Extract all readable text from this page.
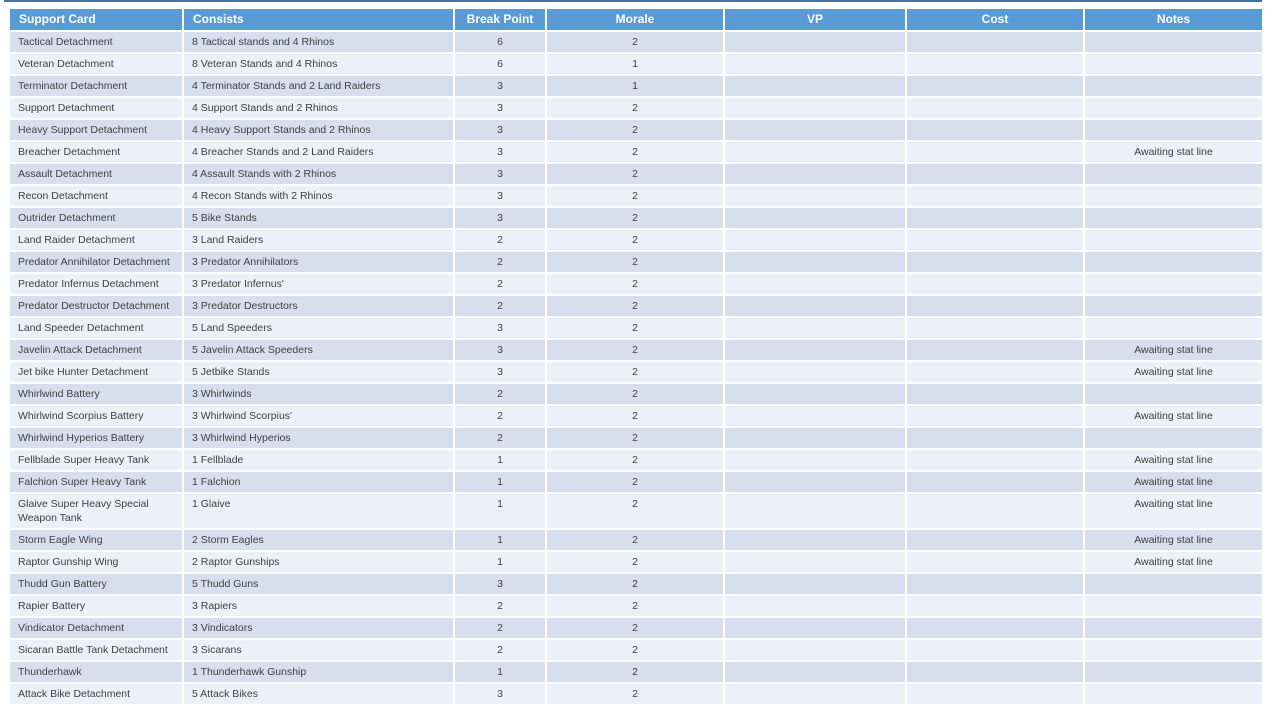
Support Card	Consists	Break Point	Morale	VP	Cost	Notes
Tactical Detachment	8 Tactical stands and 4 Rhinos	6	2			
Veteran Detachment	8 Veteran Stands and 4 Rhinos	6	1			
Terminator Detachment	4 Terminator Stands and 2 Land Raiders	3	1			
Support Detachment	4 Support Stands and 2 Rhinos	3	2			
Heavy Support Detachment	4 Heavy Support Stands and 2 Rhinos	3	2			
Breacher Detachment	4 Breacher Stands and 2 Land Raiders	3	2			Awaiting stat line
Assault Detachment	4 Assault Stands with 2 Rhinos	3	2			
Recon Detachment	4 Recon Stands with 2 Rhinos	3	2			
Outrider Detachment	5 Bike Stands	3	2			
Land Raider Detachment	3 Land Raiders	2	2			
Predator Annihilator Detachment	3 Predator Annihilators	2	2			
Predator Infernus Detachment	3 Predator Infernus'	2	2			
Predator Destructor Detachment	3 Predator Destructors	2	2			
Land Speeder Detachment	5 Land Speeders	3	2			
Javelin Attack Detachment	5 Javelin Attack Speeders	3	2			Awaiting stat line
Jet bike Hunter Detachment	5 Jetbike Stands	3	2			Awaiting stat line
Whirlwind Battery	3 Whirlwinds	2	2			
Whirlwind Scorpius Battery	3 Whirlwind Scorpius'	2	2			Awaiting stat line
Whirlwind Hyperios Battery	3 Whirlwind Hyperios	2	2			
Fellblade Super Heavy Tank	1 Fellblade	1	2			Awaiting stat line
Falchion Super Heavy Tank	1 Falchion	1	2			Awaiting stat line
Glaive Super Heavy Special Weapon Tank	1 Glaive	1	2			Awaiting stat line
Storm Eagle Wing	2 Storm Eagles	1	2			Awaiting stat line
Raptor Gunship Wing	2 Raptor Gunships	1	2			Awaiting stat line
Thudd Gun Battery	5 Thudd Guns	3	2			
Rapier Battery	3 Rapiers	2	2			
Vindicator Detachment	3 Vindicators	2	2			
Sicaran Battle Tank Detachment	3 Sicarans	2	2			
Thunderhawk	1 Thunderhawk Gunship	1	2			
Attack Bike Detachment	5 Attack Bikes	3	2			
